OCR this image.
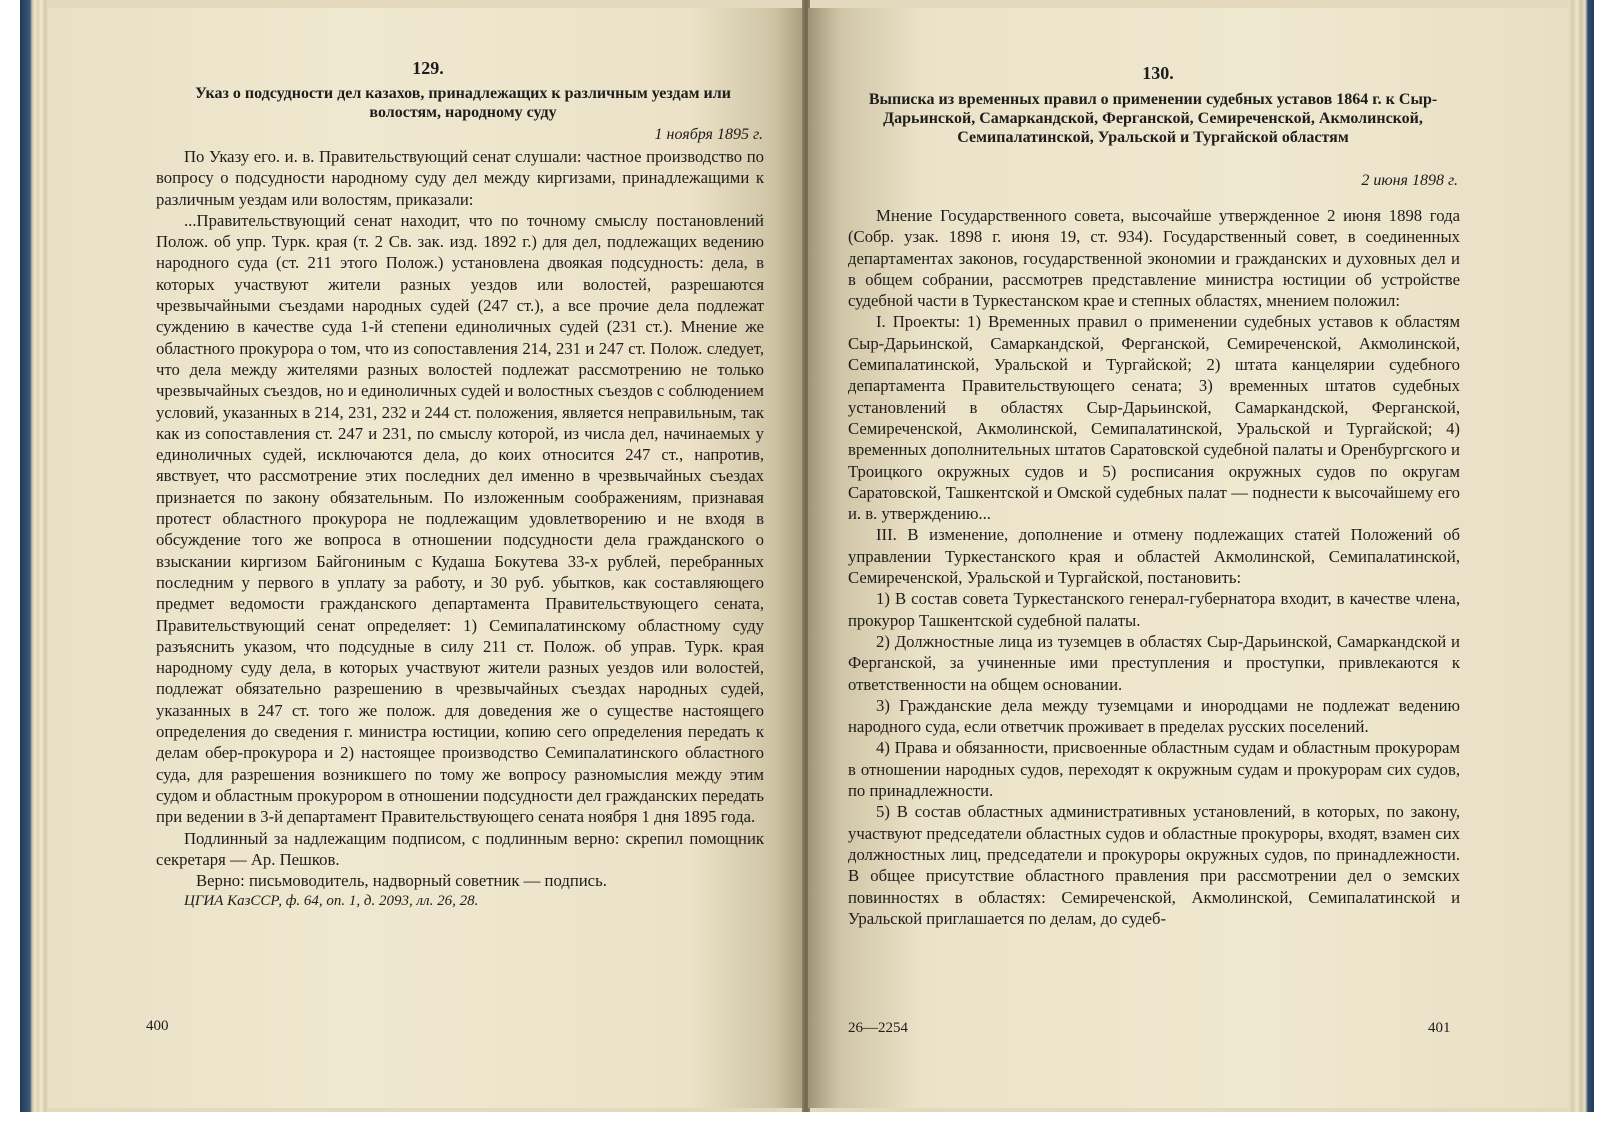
129.
Указ о подсудности дел казахов, принадлежащих к различным уездам или волостям, народному суду
1 ноября 1895 г.

По Указу его. и. в. Правительствующий сенат слушали: частное производство по вопросу о подсудности народному суду дел между киргизами, принадлежащими к различным уездам или волостям, приказали:

...Правительствующий сенат находит, что по точному смыслу постановлений Полож. об упр. Турк. края (т. 2 Св. зак. изд. 1892 г.) для дел, подлежащих ведению народного суда (ст. 211 этого Полож.) установлена двоякая подсудность: дела, в которых участвуют жители разных уездов или волостей, разрешаются чрезвычайными съездами народных судей (247 ст.), а все прочие дела подлежат суждению в качестве суда 1-й степени единоличных судей (231 ст.). Мнение же областного прокурора о том, что из сопоставления 214, 231 и 247 ст. Полож. следует, что дела между жителями разных волостей подлежат рассмотрению не только чрезвычайных съездов, но и единоличных судей и волостных съездов с соблюдением условий, указанных в 214, 231, 232 и 244 ст. положения, является неправильным, так как из сопоставления ст. 247 и 231, по смыслу которой, из числа дел, начинаемых у единоличных судей, исключаются дела, до коих относится 247 ст., напротив, явствует, что рассмотрение этих последних дел именно в чрезвычайных съездах признается по закону обязательным. По изложенным соображениям, признавая протест областного прокурора не подлежащим удовлетворению и не входя в обсуждение того же вопроса в отношении подсудности дела гражданского о взыскании киргизом Байгониным с Кудаша Бокутева 33-х рублей, перебранных последним у первого в уплату за работу, и 30 руб. убытков, как составляющего предмет ведомости гражданского департамента Правительствующего сената, Правительствующий сенат определяет: 1) Семипалатинскому областному суду разъяснить указом, что подсудные в силу 211 ст. Полож. об управ. Турк. края народному суду дела, в которых участвуют жители разных уездов или волостей, подлежат обязательно разрешению в чрезвычайных съездах народных судей, указанных в 247 ст. того же полож. для доведения же о существе настоящего определения до сведения г. министра юстиции, копию сего определения передать к делам обер-прокурора и 2) настоящее производство Семипалатинского областного суда, для разрешения возникшего по тому же вопросу разномыслия между этим судом и областным прокурором в отношении подсудности дел гражданских передать при ведении в 3-й департамент Правительствующего сената ноября 1 дня 1895 года.

Подлинный за надлежащим подписом, с подлинным верно: скрепил помощник секретаря — Ар. Пешков.

Верно: письмоводитель, надворный советник — подпись.

ЦГИА КазССР, ф. 64, оп. 1, д. 2093, лл. 26, 28.

400
130.
Выписка из временных правил о применении судебных уставов 1864 г. к Сыр-Дарьинской, Самаркандской, Ферганской, Семиреченской, Акмолинской, Семипалатинской, Уральской и Тургайской областям
2 июня 1898 г.

Мнение Государственного совета, высочайше утвержденное 2 июня 1898 года (Собр. узак. 1898 г. июня 19, ст. 934). Государственный совет, в соединенных департаментах законов, государственной экономии и гражданских и духовных дел и в общем собрании, рассмотрев представление министра юстиции об устройстве судебной части в Туркестанском крае и степных областях, мнением положил:

I. Проекты: 1) Временных правил о применении судебных уставов к областям Сыр-Дарьинской, Самаркандской, Ферганской, Семиреченской, Акмолинской, Семипалатинской, Уральской и Тургайской; 2) штата канцелярии судебного департамента Правительствующего сената; 3) временных штатов судебных установлений в областях Сыр-Дарьинской, Самаркандской, Ферганской, Семиреченской, Акмолинской, Семипалатинской, Уральской и Тургайской; 4) временных дополнительных штатов Саратовской судебной палаты и Оренбургского и Троицкого окружных судов и 5) росписания окружных судов по округам Саратовской, Ташкентской и Омской судебных палат — поднести к высочайшему его и. в. утверждению...

III. В изменение, дополнение и отмену подлежащих статей Положений об управлении Туркестанского края и областей Акмолинской, Семипалатинской, Семиреченской, Уральской и Тургайской, постановить:

1) В состав совета Туркестанского генерал-губернатора входит, в качестве члена, прокурор Ташкентской судебной палаты.

2) Должностные лица из туземцев в областях Сыр-Дарьинской, Самаркандской и Ферганской, за учиненные ими преступления и проступки, привлекаются к ответственности на общем основании.

3) Гражданские дела между туземцами и инородцами не подлежат ведению народного суда, если ответчик проживает в пределах русских поселений.

4) Права и обязанности, присвоенные областным судам и областным прокурорам в отношении народных судов, переходят к окружным судам и прокурорам сих судов, по принадлежности.

5) В состав областных административных установлений, в которых, по закону, участвуют председатели областных судов и областные прокуроры, входят, взамен сих должностных лиц, председатели и прокуроры окружных судов, по принадлежности. В общее присутствие областного правления при рассмотрении дел о земских повинностях в областях: Семиреченской, Акмолинской, Семипалатинской и Уральской приглашается по делам, до судеб-

26—2254	401
